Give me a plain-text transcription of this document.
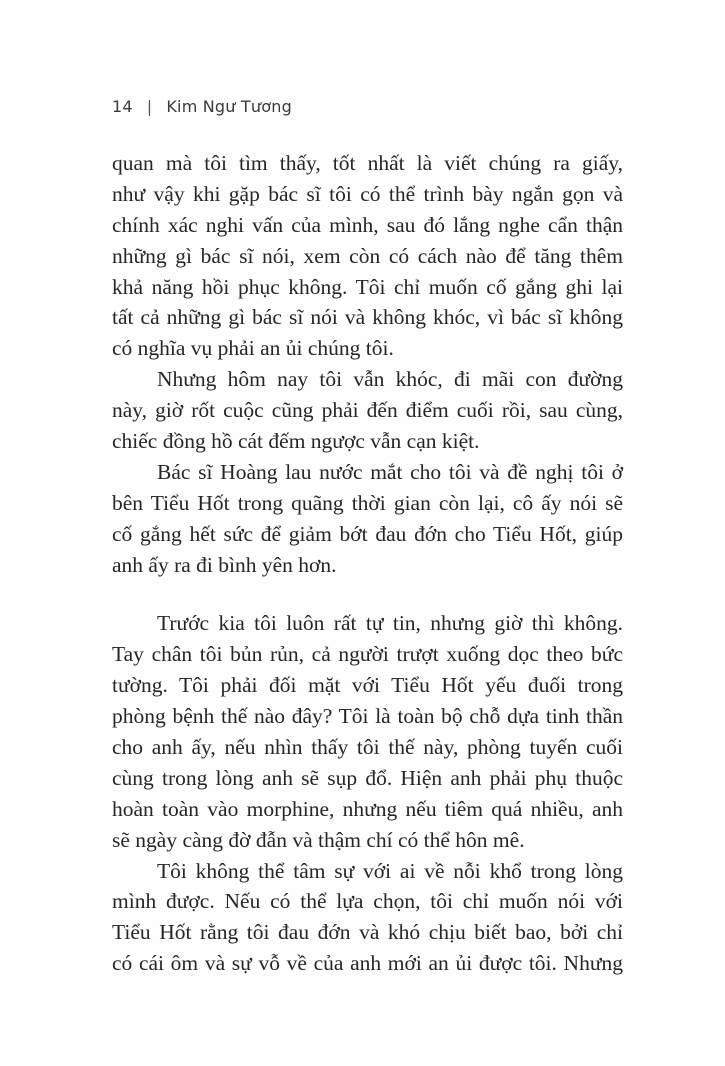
14 | Kim Ngư Tương
quan mà tôi tìm thấy, tốt nhất là viết chúng ra giấy,
như vậy khi gặp bác sĩ tôi có thể trình bày ngắn gọn và
chính xác nghi vấn của mình, sau đó lắng nghe cẩn thận
những gì bác sĩ nói, xem còn có cách nào để tăng thêm
khả năng hồi phục không. Tôi chỉ muốn cố gắng ghi lại
tất cả những gì bác sĩ nói và không khóc, vì bác sĩ không
có nghĩa vụ phải an ủi chúng tôi.
Nhưng hôm nay tôi vẫn khóc, đi mãi con đường
này, giờ rốt cuộc cũng phải đến điểm cuối rồi, sau cùng,
chiếc đồng hồ cát đếm ngược vẫn cạn kiệt.
Bác sĩ Hoàng lau nước mắt cho tôi và đề nghị tôi ở
bên Tiểu Hốt trong quãng thời gian còn lại, cô ấy nói sẽ
cố gắng hết sức để giảm bớt đau đớn cho Tiểu Hốt, giúp
anh ấy ra đi bình yên hơn.
Trước kia tôi luôn rất tự tin, nhưng giờ thì không.
Tay chân tôi bủn rủn, cả người trượt xuống dọc theo bức
tường. Tôi phải đối mặt với Tiểu Hốt yếu đuối trong
phòng bệnh thế nào đây? Tôi là toàn bộ chỗ dựa tinh thần
cho anh ấy, nếu nhìn thấy tôi thế này, phòng tuyến cuối
cùng trong lòng anh sẽ sụp đổ. Hiện anh phải phụ thuộc
hoàn toàn vào morphine, nhưng nếu tiêm quá nhiều, anh
sẽ ngày càng đờ đẫn và thậm chí có thể hôn mê.
Tôi không thể tâm sự với ai về nỗi khổ trong lòng
mình được. Nếu có thể lựa chọn, tôi chỉ muốn nói với
Tiểu Hốt rằng tôi đau đớn và khó chịu biết bao, bởi chỉ
có cái ôm và sự vỗ về của anh mới an ủi được tôi. Nhưng
